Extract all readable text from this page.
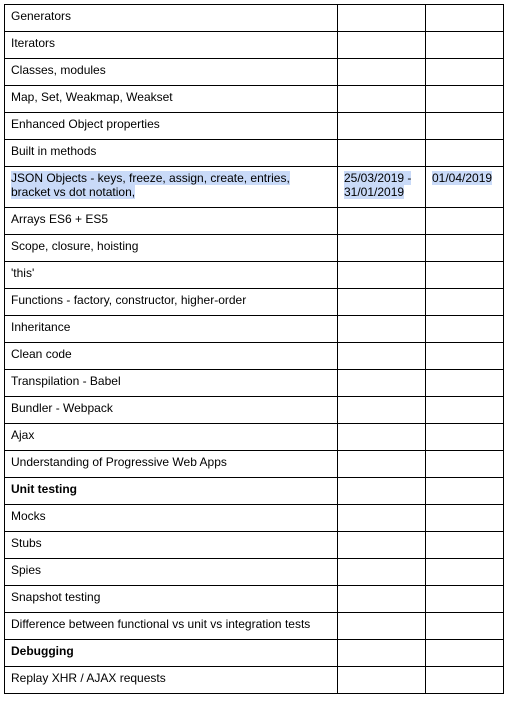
Generators		
Iterators		
Classes, modules		
Map, Set, Weakmap, Weakset		
Enhanced Object properties		
Built in methods		
JSON Objects - keys, freeze, assign, create, entries, bracket vs dot notation,	25/03/2019 - 31/01/2019	01/04/2019
Arrays ES6 + ES5		
Scope, closure, hoisting		
'this'		
Functions - factory, constructor, higher-order		
Inheritance		
Clean code		
Transpilation - Babel		
Bundler - Webpack		
Ajax		
Understanding of Progressive Web Apps		
Unit testing		
Mocks		
Stubs		
Spies		
Snapshot testing		
Difference between functional vs unit vs integration tests		
Debugging		
Replay XHR / AJAX requests		
